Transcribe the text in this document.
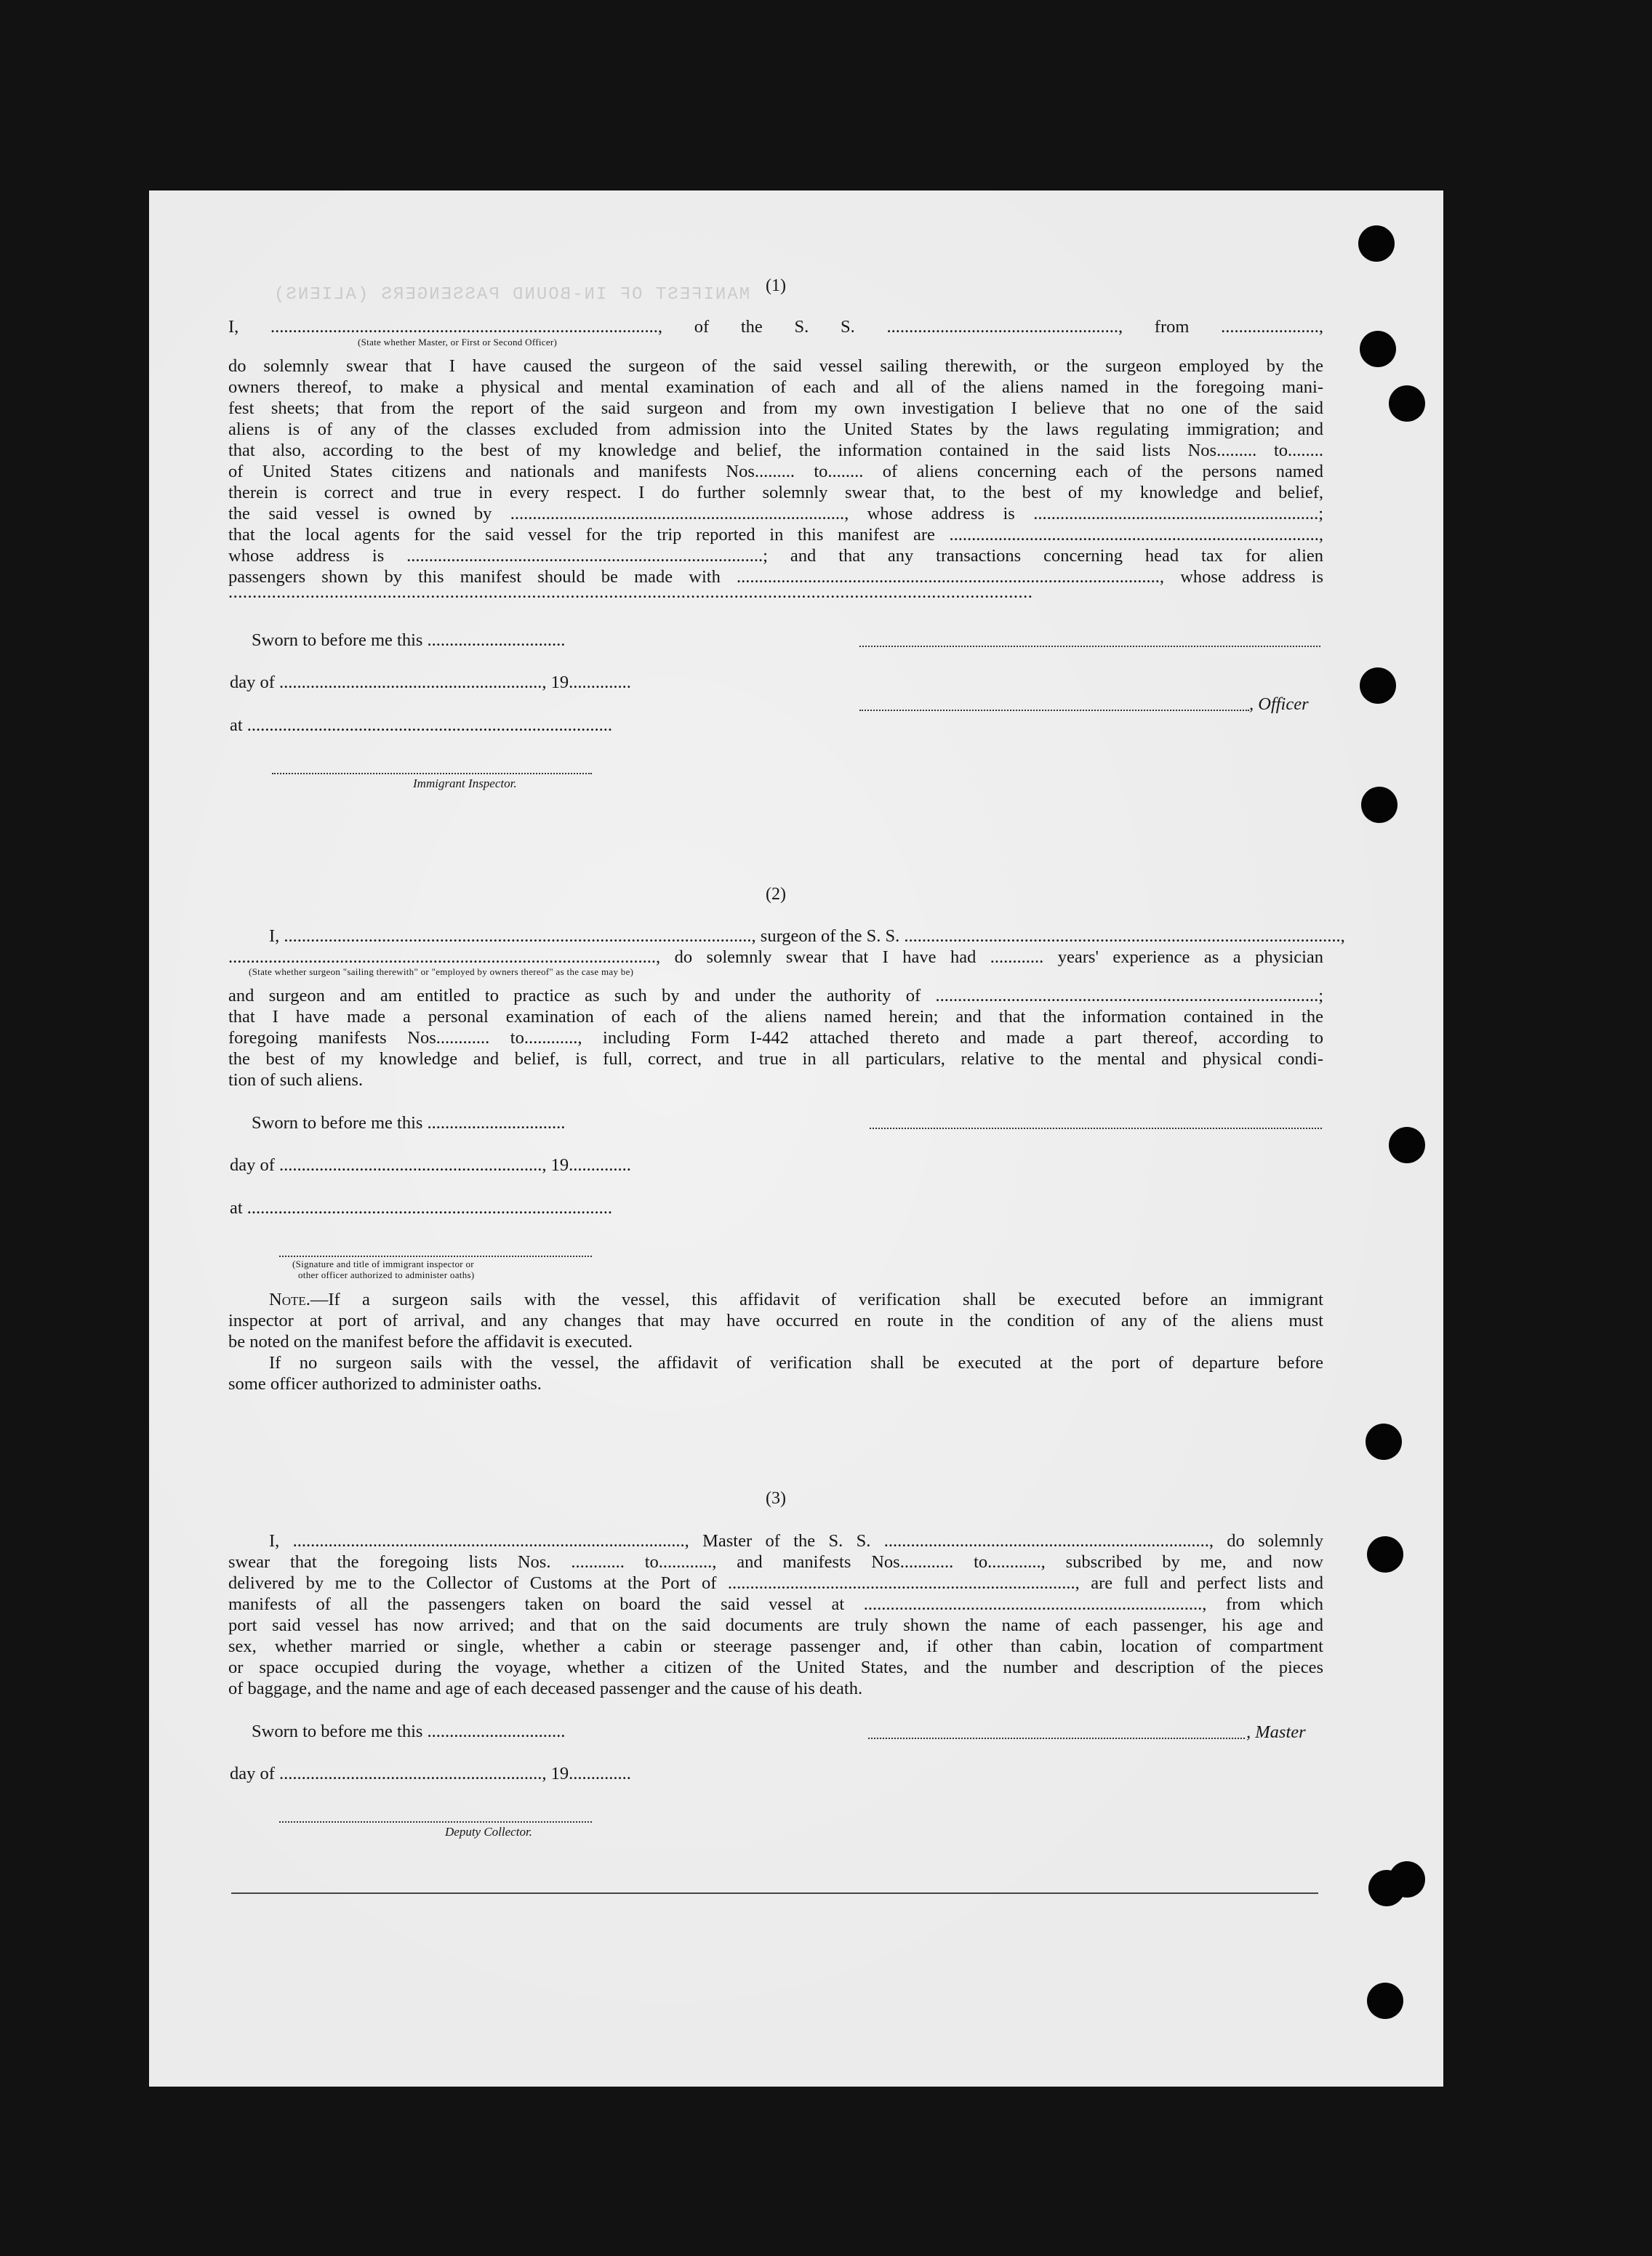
MANIFEST OF IN-BOUND PASSENGERS (ALIENS) (1)
I, ......................................................................................., of the S. S. ...................................................., from ......................,
(State whether Master, or First or Second Officer)
do solemnly swear that I have caused the surgeon of the said vessel sailing therewith, or the surgeon employed by the
owners thereof, to make a physical and mental examination of each and all of the aliens named in the foregoing mani-
fest sheets; that from the report of the said surgeon and from my own investigation I believe that no one of the said
aliens is of any of the classes excluded from admission into the United States by the laws regulating immigration; and
that also, according to the best of my knowledge and belief, the information contained in the said lists Nos......... to........
of United States citizens and nationals and manifests Nos......... to........ of aliens concerning each of the persons named
therein is correct and true in every respect. I do further solemnly swear that, to the best of my knowledge and belief,
the said vessel is owned by ..........................................................................., whose address is ................................................................;
that the local agents for the said vessel for the trip reported in this manifest are ...................................................................................,
whose address is ................................................................................; and that any transactions concerning head tax for alien
passengers shown by this manifest should be made with ..............................................................................................., whose address is
.......................................................................................................................................................................
Sworn to before me this ...............................
day of ..........................................................., 19..............
, Officer
at ..................................................................................
Immigrant Inspector.
(2)
I, ........................................................................................................., surgeon of the S. S. ..................................................................................................,
................................................................................................, do solemnly swear that I have had ............ years' experience as a physician
(State whether surgeon "sailing therewith" or "employed by owners thereof" as the case may be)
and surgeon and am entitled to practice as such by and under the authority of ......................................................................................;
that I have made a personal examination of each of the aliens named herein; and that the information contained in the
foregoing manifests Nos............ to............, including Form I-442 attached thereto and made a part thereof, according to
the best of my knowledge and belief, is full, correct, and true in all particulars, relative to the mental and physical condi-
tion of such aliens.
Sworn to before me this ...............................
day of ..........................................................., 19..............
at ..................................................................................
(Signature and title of immigrant inspector or
other officer authorized to administer oaths)
Note.—If a surgeon sails with the vessel, this affidavit of verification shall be executed before an immigrant
inspector at port of arrival, and any changes that may have occurred en route in the condition of any of the aliens must
be noted on the manifest before the affidavit is executed.
If no surgeon sails with the vessel, the affidavit of verification shall be executed at the port of departure before
some officer authorized to administer oaths.
(3)
I, ........................................................................................, Master of the S. S. ........................................................................., do solemnly
swear that the foregoing lists Nos. ............ to............, and manifests Nos............ to............, subscribed by me, and now
delivered by me to the Collector of Customs at the Port of .............................................................................., are full and perfect lists and
manifests of all the passengers taken on board the said vessel at ............................................................................, from which
port said vessel has now arrived; and that on the said documents are truly shown the name of each passenger, his age and
sex, whether married or single, whether a cabin or steerage passenger and, if other than cabin, location of compartment
or space occupied during the voyage, whether a citizen of the United States, and the number and description of the pieces
of baggage, and the name and age of each deceased passenger and the cause of his death.
Sworn to before me this ...............................	, Master
day of ..........................................................., 19..............
Deputy Collector.
